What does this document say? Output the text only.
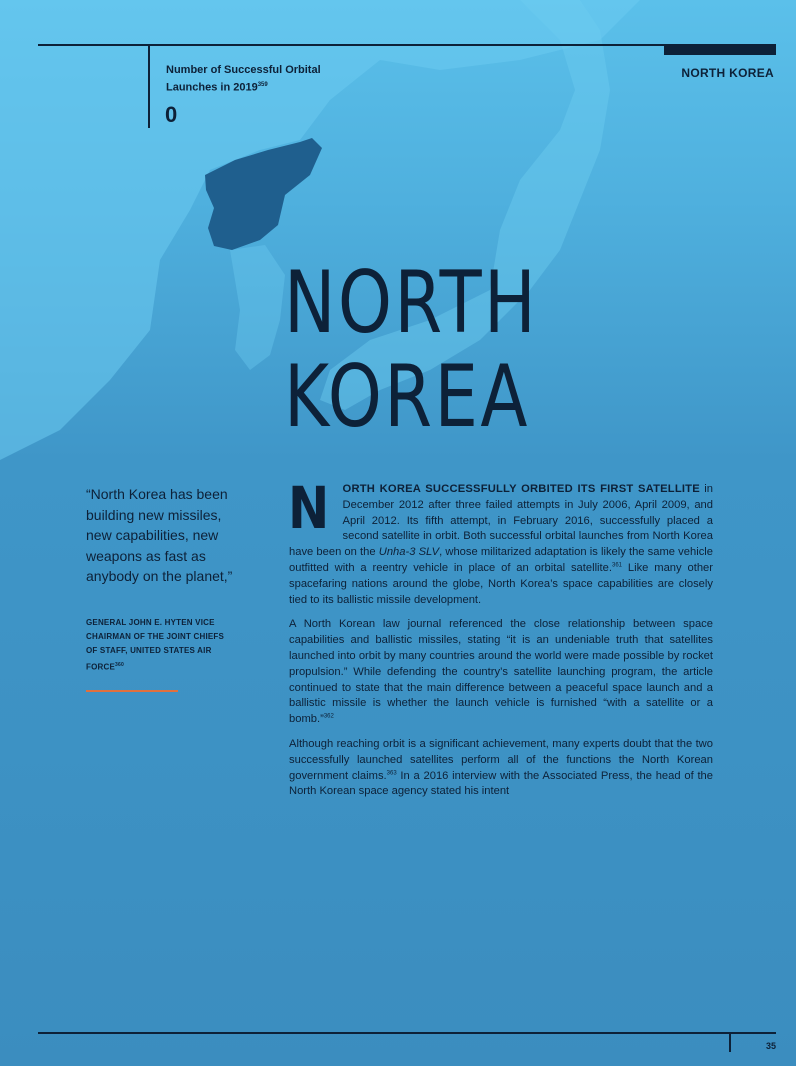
Number of Successful Orbital
Launches in 2019$^{359}$
0
NORTH KOREA
NORTH
KOREA
“North Korea has been building new missiles, new capabilities, new weapons as fast as anybody on the planet,”
GENERAL JOHN E. HYTEN VICE CHAIRMAN OF THE JOINT CHIEFS OF STAFF, UNITED STATES AIR FORCE$^{360}$

N ORTH KOREA SUCCESSFULLY ORBITED ITS FIRST SATELLITE in December 2012 after three failed attempts in July 2006, April 2009, and April 2012. Its fifth attempt, in February 2016, successfully placed a second satellite in orbit. Both successful orbital launches from North Korea have been on the Unha-3 SLV, whose militarized adaptation is likely the same vehicle outfitted with a reentry vehicle in place of an orbital satellite.$^{361}$ Like many other spacefaring nations around the globe, North Korea’s space capabilities are closely tied to its ballistic missile development.

A North Korean law journal referenced the close relationship between space capabilities and ballistic missiles, stating “it is an undeniable truth that satellites launched into orbit by many countries around the world were made possible by rocket propulsion.” While defending the country’s satellite launching program, the article continued to state that the main difference between a peaceful space launch and a ballistic missile is whether the launch vehicle is furnished “with a satellite or a bomb.”$^{362}$

Although reaching orbit is a significant achievement, many experts doubt that the two successfully launched satellites perform all of the functions the North Korean government claims.$^{363}$ In a 2016 interview with the Associated Press, the head of the North Korean space agency stated his intent

35
